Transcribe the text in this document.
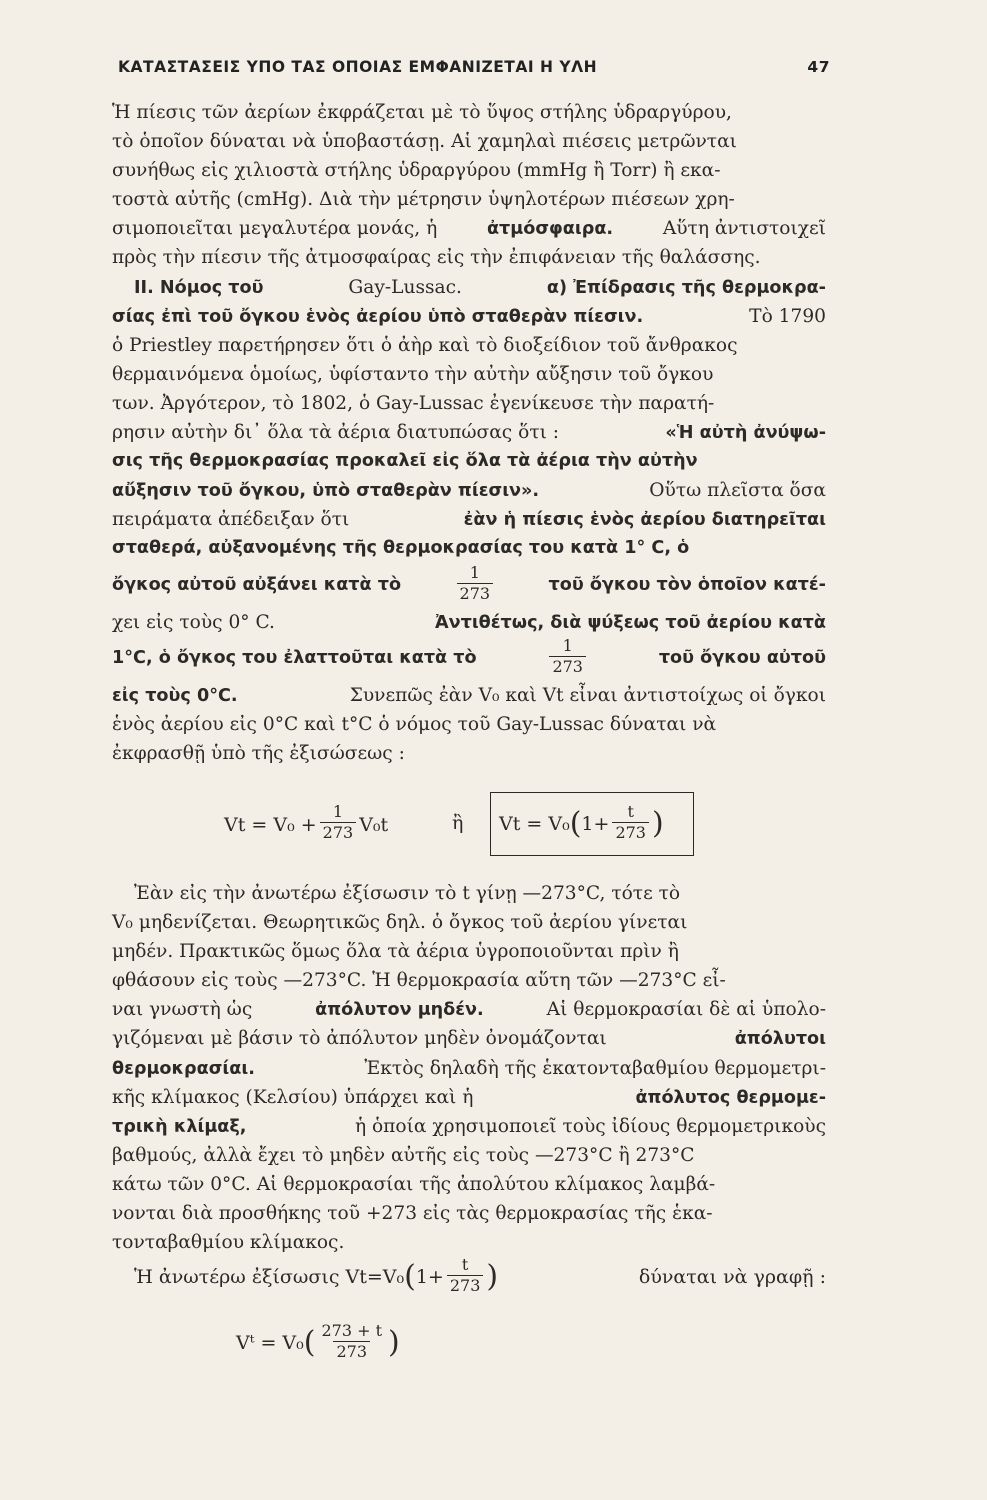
ΚΑΤΑΣΤΑΣΕΙΣ ΥΠΟ ΤΑΣ ΟΠΟΙΑΣ ΕΜΦΑΝΙΖΕΤΑΙ Η ΥΛΗ	47
Ἡ πίεσις τῶν ἀερίων ἐκφράζεται μὲ τὸ ὕψος στήλης ὑδραργύρου,
τὸ ὁποῖον δύναται νὰ ὑποβαστάσῃ. Αἱ χαμηλαὶ πιέσεις μετρῶνται
συνήθως εἰς χιλιοστὰ στήλης ὑδραργύρου (mmHg ἢ Torr) ἢ εκα-
τοστὰ αὐτῆς (cmHg). Διὰ τὴν μέτρησιν ὑψηλοτέρων πιέσεων χρη-
σιμοποιεῖται μεγαλυτέρα μονάς, ἡ	ἀτμόσφαιρα.	Αὕτη ἀντιστοιχεῖ
πρὸς τὴν πίεσιν τῆς ἀτμοσφαίρας εἰς τὴν ἐπιφάνειαν τῆς θαλάσσης.
II. Νόμος τοῦ	Gay-Lussac.	α) Ἐπίδρασις τῆς θερμοκρα-
σίας ἐπὶ τοῦ ὄγκου ἑνὸς ἀερίου ὑπὸ σταθερὰν πίεσιν.	Τὸ 1790
ὁ Priestley παρετήρησεν ὅτι ὁ ἀὴρ καὶ τὸ διοξείδιον τοῦ ἄνθρακος
θερμαινόμενα ὁμοίως, ὑφίσταντο τὴν αὐτὴν αὔξησιν τοῦ ὄγκου
των. Ἀργότερον, τὸ 1802, ὁ Gay-Lussac ἐγενίκευσε τὴν παρατή-
ρησιν αὐτὴν δι᾽ ὅλα τὰ ἀέρια διατυπώσας ὅτι :	«Ἡ αὐτὴ ἀνύψω-
σις τῆς θερμοκρασίας προκαλεῖ εἰς ὅλα τὰ ἀέρια τὴν αὐτὴν
αὔξησιν τοῦ ὄγκου, ὑπὸ σταθερὰν πίεσιν».	Οὕτω πλεῖστα ὅσα
πειράματα ἀπέδειξαν ὅτι	ἐὰν ἡ πίεσις ἑνὸς ἀερίου διατηρεῖται
σταθερά, αὐξανομένης τῆς θερμοκρασίας του κατὰ 1° C, ὁ
ὄγκος αὐτοῦ αὐξάνει κατὰ τὸ	$\frac{1}{273}$	τοῦ ὄγκου τὸν ὁποῖον κατέ-
χει εἰς τοὺς 0° C.	Ἀντιθέτως, διὰ ψύξεως τοῦ ἀερίου κατὰ
1°C, ὁ ὄγκος του ἐλαττοῦται κατὰ τὸ	$\frac{1}{273}$	τοῦ ὄγκου αὐτοῦ
εἰς τοὺς 0°C.	Συνεπῶς ἐὰν V₀ καὶ Vt εἶναι ἀντιστοίχως οἱ ὄγκοι
ἑνὸς ἀερίου εἰς 0°C καὶ t°C ὁ νόμος τοῦ Gay-Lussac δύναται νὰ
ἐκφρασθῇ ὑπὸ τῆς ἐξισώσεως :
$Vt = V_0 + \frac{1}{273} V_0t$	ἢ Vt = V₀ ( $1+ \frac{t}{273}$ )
Ἐὰν εἰς τὴν ἀνωτέρω ἐξίσωσιν τὸ t γίνῃ —273°C, τότε τὸ
V₀ μηδενίζεται. Θεωρητικῶς δηλ. ὁ ὄγκος τοῦ ἀερίου γίνεται
μηδέν. Πρακτικῶς ὅμως ὅλα τὰ ἀέρια ὑγροποιοῦνται πρὶν ἢ
φθάσουν εἰς τοὺς —273°C. Ἡ θερμοκρασία αὕτη τῶν —273°C εἶ-
ναι γνωστὴ ὡς	ἀπόλυτον μηδέν.	Αἱ θερμοκρασίαι δὲ αἱ ὑπολο-
γιζόμεναι μὲ βάσιν τὸ ἀπόλυτον μηδὲν ὀνομάζονται	ἀπόλυτοι
θερμοκρασίαι.	Ἐκτὸς δηλαδὴ τῆς ἑκατονταβαθμίου θερμομετρι-
κῆς κλίμακος (Κελσίου) ὑπάρχει καὶ ἡ	ἀπόλυτος θερμομε-
τρικὴ κλίμαξ,	ἡ ὁποία χρησιμοποιεῖ τοὺς ἰδίους θερμομετρικοὺς
βαθμούς, ἀλλὰ ἔχει τὸ μηδὲν αὐτῆς εἰς τοὺς —273°C ἢ 273°C
κάτω τῶν 0°C. Αἱ θερμοκρασίαι τῆς ἀπολύτου κλίμακος λαμβά-
νονται διὰ προσθήκης τοῦ +273 εἰς τὰς θερμοκρασίας τῆς ἑκα-
τονταβαθμίου κλίμακος.
Ἡ ἀνωτέρω ἐξίσωσις Vt=V₀ ( $1+ \frac{t}{273}$ )	δύναται νὰ γραφῇ :
Vᵗ = V₀ ( $\frac{273 + t}{273}$ )
